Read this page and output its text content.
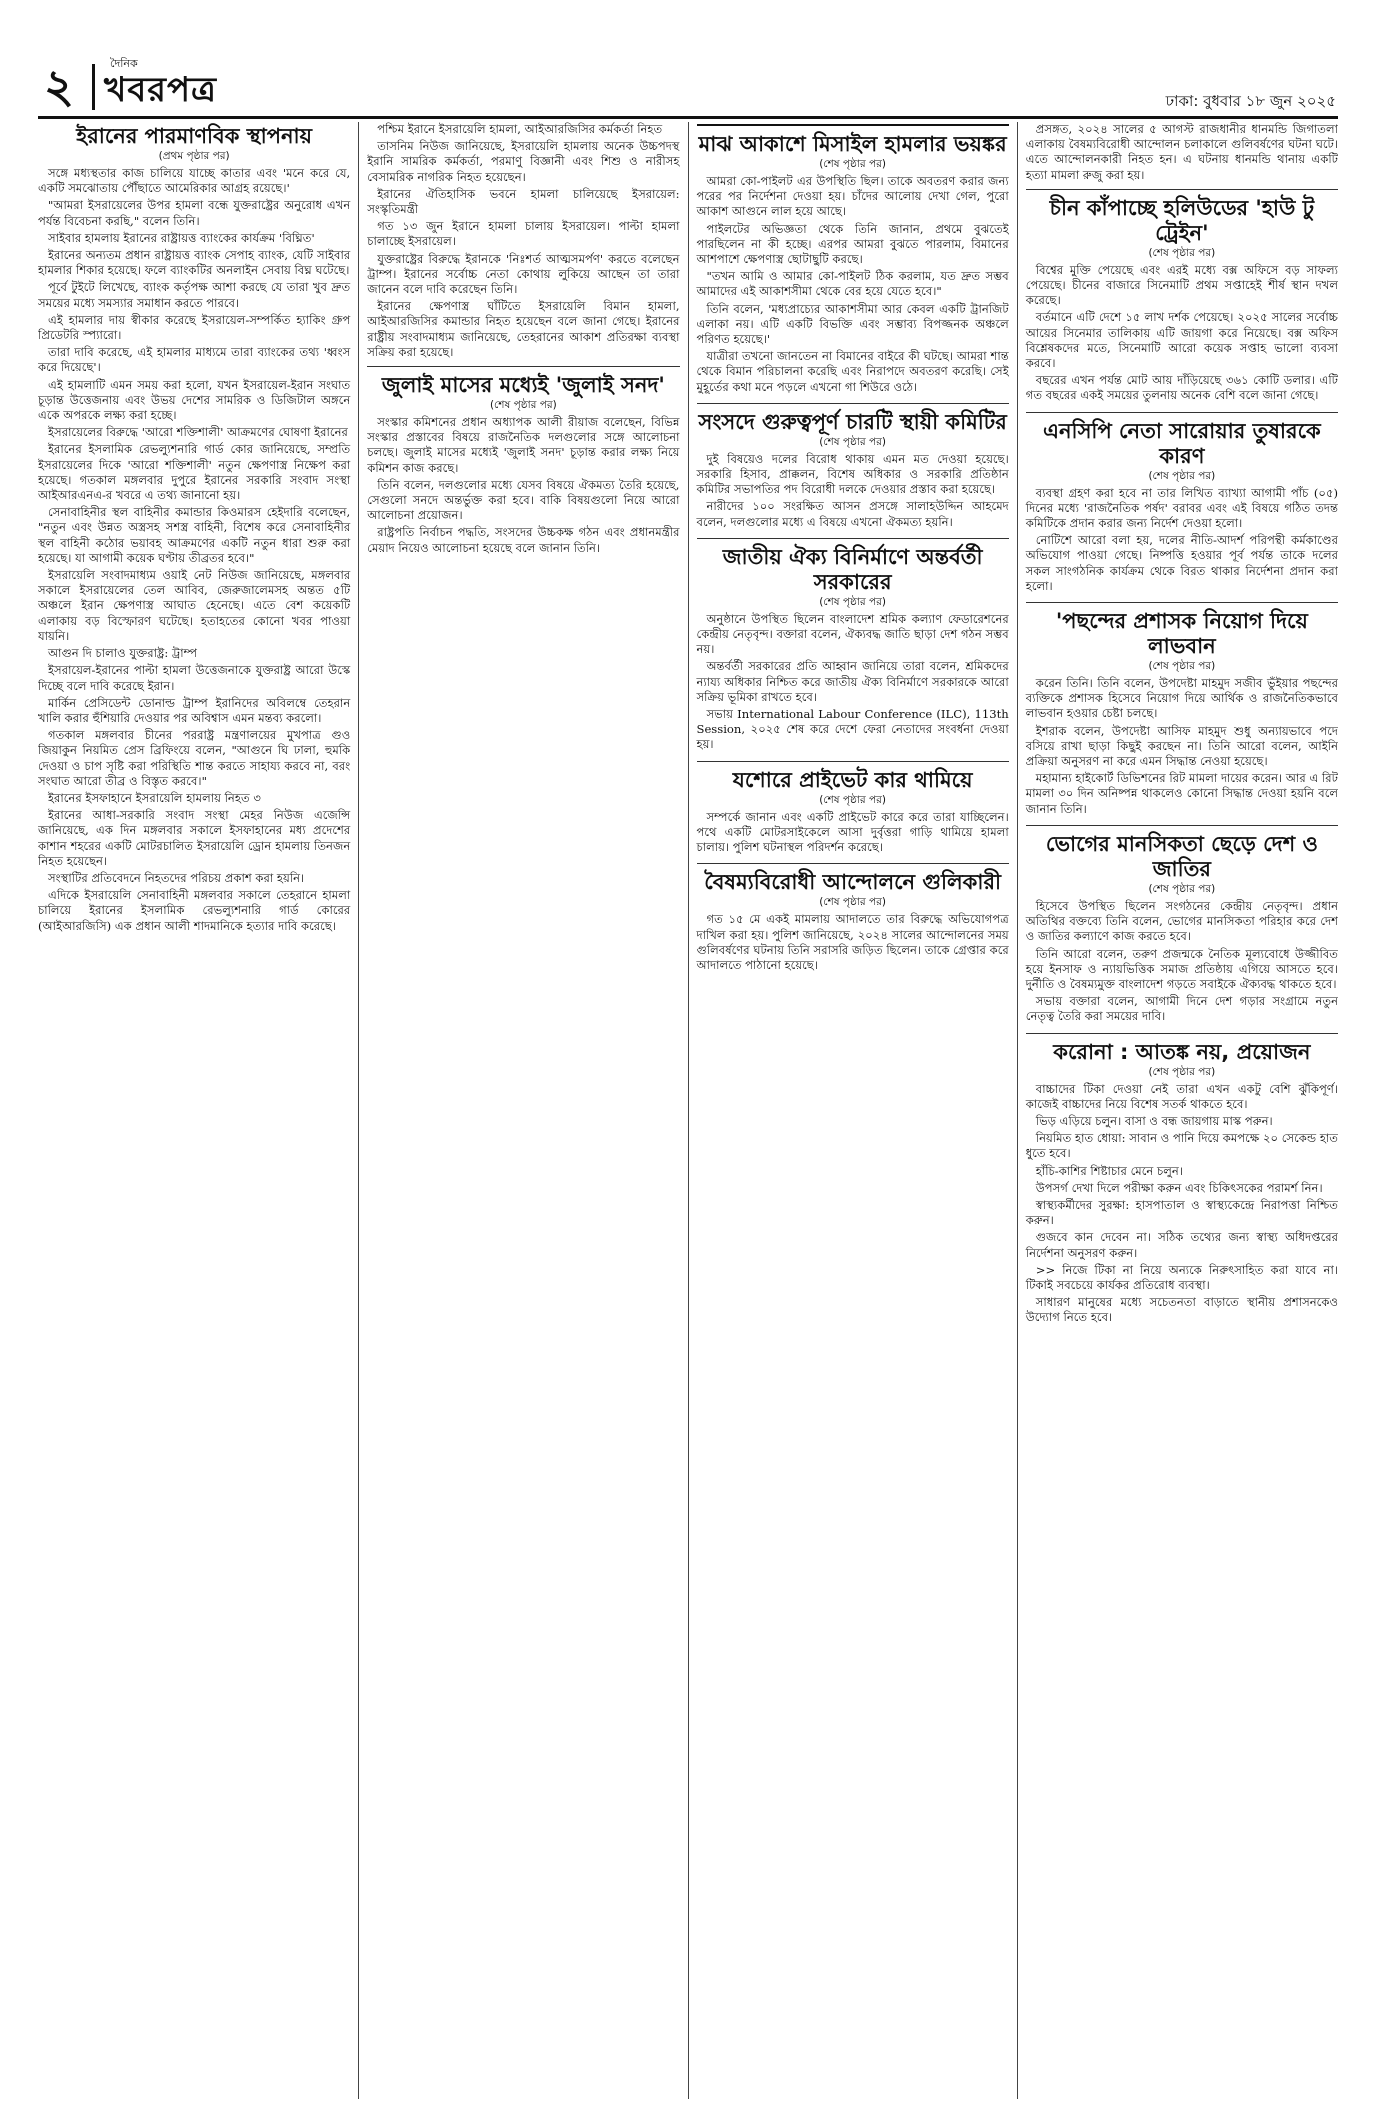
২	দৈনিক
খবরপত্র	ঢাকা: বুধবার ১৮ জুন ২০২৫
ইরানের পারমাণবিক স্থাপনায়
(প্রথম পৃষ্ঠার পর)

সঙ্গে মধ্যস্থতার কাজ চালিয়ে যাচ্ছে কাতার এবং 'মনে করে যে, একটি সমঝোতায় পৌঁছাতে আমেরিকার আগ্রহ রয়েছে।'

"আমরা ইসরায়েলের উপর হামলা বন্ধে যুক্তরাষ্ট্রের অনুরোধ এখন পর্যন্ত বিবেচনা করছি," বলেন তিনি।

সাইবার হামলায় ইরানের রাষ্ট্রায়ত্ত ব্যাংকের কার্যক্রম 'বিঘ্নিত'

ইরানের অন্যতম প্রধান রাষ্ট্রায়ত্ত ব্যাংক সেপাহ ব্যাংক, যেটি সাইবার হামলার শিকার হয়েছে। ফলে ব্যাংকটির অনলাইন সেবায় বিঘ্ন ঘটেছে।

পূর্বে টুইটে লিখেছে, ব্যাংক কর্তৃপক্ষ আশা করছে যে তারা খুব দ্রুত সময়ের মধ্যে সমস্যার সমাধান করতে পারবে।

এই হামলার দায় স্বীকার করেছে ইসরায়েল-সম্পর্কিত হ্যাকিং গ্রুপ প্রিডেটরি স্প্যারো।

তারা দাবি করেছে, এই হামলার মাধ্যমে তারা ব্যাংকের তথ্য 'ধ্বংস করে দিয়েছে'।

এই হামলাটি এমন সময় করা হলো, যখন ইসরায়েল-ইরান সংঘাত চূড়ান্ত উত্তেজনায় এবং উভয় দেশের সামরিক ও ডিজিটাল অঙ্গনে একে অপরকে লক্ষ্য করা হচ্ছে।

ইসরায়েলের বিরুদ্ধে 'আরো শক্তিশালী' আক্রমণের ঘোষণা ইরানের

ইরানের ইসলামিক রেভল্যুশনারি গার্ড কোর জানিয়েছে, সম্প্রতি ইসরায়েলের দিকে 'আরো শক্তিশালী' নতুন ক্ষেপণাস্ত্র নিক্ষেপ করা হয়েছে। গতকাল মঙ্গলবার দুপুরে ইরানের সরকারি সংবাদ সংস্থা আইআরএনএ-র খবরে এ তথ্য জানানো হয়।

সেনাবাহিনীর স্থল বাহিনীর কমান্ডার কিওমারস হেইদারি বলেছেন, "নতুন এবং উন্নত অস্ত্রসহ সশস্ত্র বাহিনী, বিশেষ করে সেনাবাহিনীর স্থল বাহিনী কঠোর ভয়াবহ আক্রমণের একটি নতুন ধারা শুরু করা হয়েছে। যা আগামী কয়েক ঘণ্টায় তীব্রতর হবে।"

ইসরায়েলি সংবাদমাধ্যম ওয়াই নেট নিউজ জানিয়েছে, মঙ্গলবার সকালে ইসরায়েলের তেল আবিব, জেরুজালেমসহ অন্তত ৫টি অঞ্চলে ইরান ক্ষেপণাস্ত্র আঘাত হেনেছে। এতে বেশ কয়েকটি এলাকায় বড় বিস্ফোরণ ঘটেছে। হতাহতের কোনো খবর পাওয়া যায়নি।

আগুন দি চালাও যুক্তরাষ্ট্র: ট্রাম্প

ইসরায়েল-ইরানের পাল্টা হামলা উত্তেজনাকে যুক্তরাষ্ট্র আরো উস্কে দিচ্ছে বলে দাবি করেছে ইরান।

মার্কিন প্রেসিডেন্ট ডোনাল্ড ট্রাম্প ইরানিদের অবিলম্বে তেহরান খালি করার হুঁশিয়ারি দেওয়ার পর অবিশ্বাস এমন মন্তব্য করলো।

গতকাল মঙ্গলবার চীনের পররাষ্ট্র মন্ত্রণালয়ের মুখপাত্র গুও জিয়াকুন নিয়মিত প্রেস ব্রিফিংয়ে বলেন, "আগুনে ঘি ঢালা, হুমকি দেওয়া ও চাপ সৃষ্টি করা পরিস্থিতি শান্ত করতে সাহায্য করবে না, বরং সংঘাত আরো তীব্র ও বিস্তৃত করবে।"

ইরানের ইসফাহানে ইসরায়েলি হামলায় নিহত ৩

ইরানের আধা-সরকারি সংবাদ সংস্থা মেহর নিউজ এজেন্সি জানিয়েছে, এক দিন মঙ্গলবার সকালে ইসফাহানের মধ্য প্রদেশের কাশান শহরের একটি মোটরচালিত ইসরায়েলি ড্রোন হামলায় তিনজন নিহত হয়েছেন।

সংস্থাটির প্রতিবেদনে নিহতদের পরিচয় প্রকাশ করা হয়নি।

এদিকে ইসরায়েলি সেনাবাহিনী মঙ্গলবার সকালে তেহরানে হামলা চালিয়ে ইরানের ইসলামিক রেভল্যুশনারি গার্ড কোরের (আইআরজিসি) এক প্রধান আলী শাদমানিকে হত্যার দাবি করেছে।

পশ্চিম ইরানে ইসরায়েলি হামলা, আইআরজিসির কর্মকর্তা নিহত

তাসনিম নিউজ জানিয়েছে, ইসরায়েলি হামলায় অনেক উচ্চপদস্থ ইরানি সামরিক কর্মকর্তা, পরমাণু বিজ্ঞানী এবং শিশু ও নারীসহ বেসামরিক নাগরিক নিহত হয়েছেন।

ইরানের ঐতিহাসিক ভবনে হামলা চালিয়েছে ইসরায়েল: সংস্কৃতিমন্ত্রী

গত ১৩ জুন ইরানে হামলা চালায় ইসরায়েল। পাল্টা হামলা চালাচ্ছে ইসরায়েল।

যুক্তরাষ্ট্রের বিরুদ্ধে ইরানকে 'নিঃশর্ত আত্মসমর্পণ' করতে বলেছেন ট্রাম্প। ইরানের সর্বোচ্চ নেতা কোথায় লুকিয়ে আছেন তা তারা জানেন বলে দাবি করেছেন তিনি।

ইরানের ক্ষেপণাস্ত্র ঘাঁটিতে ইসরায়েলি বিমান হামলা, আইআরজিসির কমান্ডার নিহত হয়েছেন বলে জানা গেছে। ইরানের রাষ্ট্রীয় সংবাদমাধ্যম জানিয়েছে, তেহরানের আকাশ প্রতিরক্ষা ব্যবস্থা সক্রিয় করা হয়েছে।

জুলাই মাসের মধ্যেই 'জুলাই সনদ'
(শেষ পৃষ্ঠার পর)

সংস্কার কমিশনের প্রধান অধ্যাপক আলী রীয়াজ বলেছেন, বিভিন্ন সংস্কার প্রস্তাবের বিষয়ে রাজনৈতিক দলগুলোর সঙ্গে আলোচনা চলছে। জুলাই মাসের মধ্যেই 'জুলাই সনদ' চূড়ান্ত করার লক্ষ্য নিয়ে কমিশন কাজ করছে।

তিনি বলেন, দলগুলোর মধ্যে যেসব বিষয়ে ঐকমত্য তৈরি হয়েছে, সেগুলো সনদে অন্তর্ভুক্ত করা হবে। বাকি বিষয়গুলো নিয়ে আরো আলোচনা প্রয়োজন।

রাষ্ট্রপতি নির্বাচন পদ্ধতি, সংসদের উচ্চকক্ষ গঠন এবং প্রধানমন্ত্রীর মেয়াদ নিয়েও আলোচনা হয়েছে বলে জানান তিনি।

মাঝ আকাশে মিসাইল হামলার ভয়ঙ্কর
(শেষ পৃষ্ঠার পর)

আমরা কো-পাইলট এর উপস্থিতি ছিল। তাকে অবতরণ করার জন্য পরের পর নির্দেশনা দেওয়া হয়। চাঁদের আলোয় দেখা গেল, পুরো আকাশ আগুনে লাল হয়ে আছে।

পাইলটের অভিজ্ঞতা থেকে তিনি জানান, প্রথমে বুঝতেই পারছিলেন না কী হচ্ছে। এরপর আমরা বুঝতে পারলাম, বিমানের আশপাশে ক্ষেপণাস্ত্র ছোটাছুটি করছে।

"তখন আমি ও আমার কো-পাইলট ঠিক করলাম, যত দ্রুত সম্ভব আমাদের এই আকাশসীমা থেকে বের হয়ে যেতে হবে।"

তিনি বলেন, 'মধ্যপ্রাচ্যের আকাশসীমা আর কেবল একটি ট্রানজিট এলাকা নয়। এটি একটি বিভক্তি এবং সম্ভাব্য বিপজ্জনক অঞ্চলে পরিণত হয়েছে।'

যাত্রীরা তখনো জানতেন না বিমানের বাইরে কী ঘটছে। আমরা শান্ত থেকে বিমান পরিচালনা করেছি এবং নিরাপদে অবতরণ করেছি। সেই মুহূর্তের কথা মনে পড়লে এখনো গা শিউরে ওঠে।

সংসদে গুরুত্বপূর্ণ চারটি স্থায়ী কমিটির
(শেষ পৃষ্ঠার পর)

দুই বিষয়েও দলের বিরোধ থাকায় এমন মত দেওয়া হয়েছে। সরকারি হিসাব, প্রাক্কলন, বিশেষ অধিকার ও সরকারি প্রতিষ্ঠান কমিটির সভাপতির পদ বিরোধী দলকে দেওয়ার প্রস্তাব করা হয়েছে।

নারীদের ১০০ সংরক্ষিত আসন প্রসঙ্গে সালাহউদ্দিন আহমেদ বলেন, দলগুলোর মধ্যে এ বিষয়ে এখনো ঐকমত্য হয়নি।

জাতীয় ঐক্য বিনির্মাণে অন্তর্বর্তী সরকারের
(শেষ পৃষ্ঠার পর)

অনুষ্ঠানে উপস্থিত ছিলেন বাংলাদেশ শ্রমিক কল্যাণ ফেডারেশনের কেন্দ্রীয় নেতৃবৃন্দ। বক্তারা বলেন, ঐক্যবদ্ধ জাতি ছাড়া দেশ গঠন সম্ভব নয়।

অন্তর্বর্তী সরকারের প্রতি আহ্বান জানিয়ে তারা বলেন, শ্রমিকদের ন্যায্য অধিকার নিশ্চিত করে জাতীয় ঐক্য বিনির্মাণে সরকারকে আরো সক্রিয় ভূমিকা রাখতে হবে।

সভায় International Labour Conference (ILC), 113th Session, ২০২৫ শেষ করে দেশে ফেরা নেতাদের সংবর্ধনা দেওয়া হয়।

যশোরে প্রাইভেট কার থামিয়ে
(শেষ পৃষ্ঠার পর)

সম্পর্কে জানান এবং একটি প্রাইভেট কারে করে তারা যাচ্ছিলেন। পথে একটি মোটরসাইকেলে আসা দুর্বৃত্তরা গাড়ি থামিয়ে হামলা চালায়। পুলিশ ঘটনাস্থল পরিদর্শন করেছে।

বৈষম্যবিরোধী আন্দোলনে গুলিকারী
(শেষ পৃষ্ঠার পর)

গত ১৫ মে একই মামলায় আদালতে তার বিরুদ্ধে অভিযোগপত্র দাখিল করা হয়। পুলিশ জানিয়েছে, ২০২৪ সালের আন্দোলনের সময় গুলিবর্ষণের ঘটনায় তিনি সরাসরি জড়িত ছিলেন। তাকে গ্রেপ্তার করে আদালতে পাঠানো হয়েছে।

প্রসঙ্গত, ২০২৪ সালের ৫ আগস্ট রাজধানীর ধানমন্ডি জিগাতলা এলাকায় বৈষম্যবিরোধী আন্দোলন চলাকালে গুলিবর্ষণের ঘটনা ঘটে। এতে আন্দোলনকারী নিহত হন। এ ঘটনায় ধানমন্ডি থানায় একটি হত্যা মামলা রুজু করা হয়।

চীন কাঁপাচ্ছে হলিউডের 'হাউ টু ট্রেইন'
(শেষ পৃষ্ঠার পর)

বিশ্বের মুক্তি পেয়েছে এবং এরই মধ্যে বক্স অফিসে বড় সাফল্য পেয়েছে। চীনের বাজারে সিনেমাটি প্রথম সপ্তাহেই শীর্ষ স্থান দখল করেছে।

বর্তমানে এটি দেশে ১৫ লাখ দর্শক পেয়েছে। ২০২৫ সালের সর্বোচ্চ আয়ের সিনেমার তালিকায় এটি জায়গা করে নিয়েছে। বক্স অফিস বিশ্লেষকদের মতে, সিনেমাটি আরো কয়েক সপ্তাহ ভালো ব্যবসা করবে।

বছরের এখন পর্যন্ত মোট আয় দাঁড়িয়েছে ৩৬১ কোটি ডলার। এটি গত বছরের একই সময়ের তুলনায় অনেক বেশি বলে জানা গেছে।

এনসিপি নেতা সারোয়ার তুষারকে কারণ
(শেষ পৃষ্ঠার পর)

ব্যবস্থা গ্রহণ করা হবে না তার লিখিত ব্যাখ্যা আগামী পাঁচ (০৫) দিনের মধ্যে 'রাজনৈতিক পর্ষদ' বরাবর এবং এই বিষয়ে গঠিত তদন্ত কমিটিকে প্রদান করার জন্য নির্দেশ দেওয়া হলো।

নোটিশে আরো বলা হয়, দলের নীতি-আদর্শ পরিপন্থী কর্মকাণ্ডের অভিযোগ পাওয়া গেছে। নিষ্পত্তি হওয়ার পূর্ব পর্যন্ত তাকে দলের সকল সাংগঠনিক কার্যক্রম থেকে বিরত থাকার নির্দেশনা প্রদান করা হলো।

'পছন্দের প্রশাসক নিয়োগ দিয়ে লাভবান
(শেষ পৃষ্ঠার পর)

করেন তিনি। তিনি বলেন, উপদেষ্টা মাহমুদ সজীব ভুঁইয়ার পছন্দের ব্যক্তিকে প্রশাসক হিসেবে নিয়োগ দিয়ে আর্থিক ও রাজনৈতিকভাবে লাভবান হওয়ার চেষ্টা চলছে।

ইশরাক বলেন, উপদেষ্টা আসিফ মাহমুদ শুধু অন্যায়ভাবে পদে বসিয়ে রাখা ছাড়া কিছুই করছেন না। তিনি আরো বলেন, আইনি প্রক্রিয়া অনুসরণ না করে এমন সিদ্ধান্ত নেওয়া হয়েছে।

মহামান্য হাইকোর্ট ডিভিশনের রিট মামলা দায়ের করেন। আর এ রিট মামলা ৩০ দিন অনিষ্পন্ন থাকলেও কোনো সিদ্ধান্ত দেওয়া হয়নি বলে জানান তিনি।

ভোগের মানসিকতা ছেড়ে দেশ ও জাতির
(শেষ পৃষ্ঠার পর)

হিসেবে উপস্থিত ছিলেন সংগঠনের কেন্দ্রীয় নেতৃবৃন্দ। প্রধান অতিথির বক্তব্যে তিনি বলেন, ভোগের মানসিকতা পরিহার করে দেশ ও জাতির কল্যাণে কাজ করতে হবে।

তিনি আরো বলেন, তরুণ প্রজন্মকে নৈতিক মূল্যবোধে উজ্জীবিত হয়ে ইনসাফ ও ন্যায়ভিত্তিক সমাজ প্রতিষ্ঠায় এগিয়ে আসতে হবে। দুর্নীতি ও বৈষম্যমুক্ত বাংলাদেশ গড়তে সবাইকে ঐক্যবদ্ধ থাকতে হবে।

সভায় বক্তারা বলেন, আগামী দিনে দেশ গড়ার সংগ্রামে নতুন নেতৃত্ব তৈরি করা সময়ের দাবি।

করোনা : আতঙ্ক নয়, প্রয়োজন
(শেষ পৃষ্ঠার পর)

বাচ্চাদের টিকা দেওয়া নেই তারা এখন একটু বেশি ঝুঁকিপূর্ণ। কাজেই বাচ্চাদের নিয়ে বিশেষ সতর্ক থাকতে হবে।

ভিড় এড়িয়ে চলুন। বাসা ও বন্ধ জায়গায় মাস্ক পরুন।

নিয়মিত হাত ধোয়া: সাবান ও পানি দিয়ে কমপক্ষে ২০ সেকেন্ড হাত ধুতে হবে।

হাঁচি-কাশির শিষ্টাচার মেনে চলুন।

উপসর্গ দেখা দিলে পরীক্ষা করুন এবং চিকিৎসকের পরামর্শ নিন।

স্বাস্থ্যকর্মীদের সুরক্ষা: হাসপাতাল ও স্বাস্থ্যকেন্দ্রে নিরাপত্তা নিশ্চিত করুন।

গুজবে কান দেবেন না। সঠিক তথ্যের জন্য স্বাস্থ্য অধিদপ্তরের নির্দেশনা অনুসরণ করুন।

>> নিজে টিকা না নিয়ে অন্যকে নিরুৎসাহিত করা যাবে না। টিকাই সবচেয়ে কার্যকর প্রতিরোধ ব্যবস্থা।

সাধারণ মানুষের মধ্যে সচেতনতা বাড়াতে স্থানীয় প্রশাসনকেও উদ্যোগ নিতে হবে।
